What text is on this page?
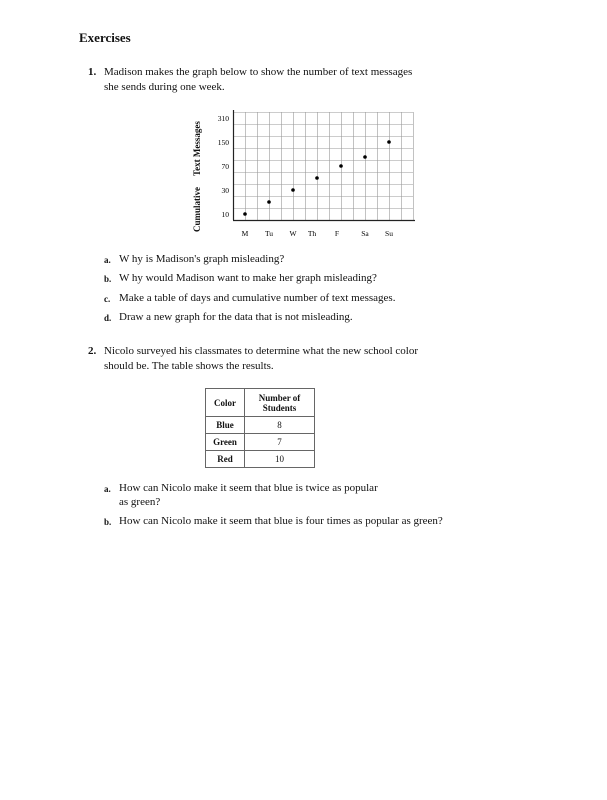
Exercises
1. Madison makes the graph below to show the number of text messages
she sends during one week.
310
150
70
30
10
M Tu W Th F	Sa Su
Cumulative
Text Messages
a. W hy is Madison's graph misleading?
b. W hy would Madison want to make her graph misleading?
c. Make a table of days and cumulative number of text messages.
d. Draw a new graph for the data that is not misleading.
2. Nicolo surveyed his classmates to determine what the new school color
should be. The table shows the results.
Color	Number of
Students
Blue	8
Green	7
Red	10
a. How can Nicolo make it seem that blue is twice as popular
as green?
b. How can Nicolo make it seem that blue is four times as popular as green?
